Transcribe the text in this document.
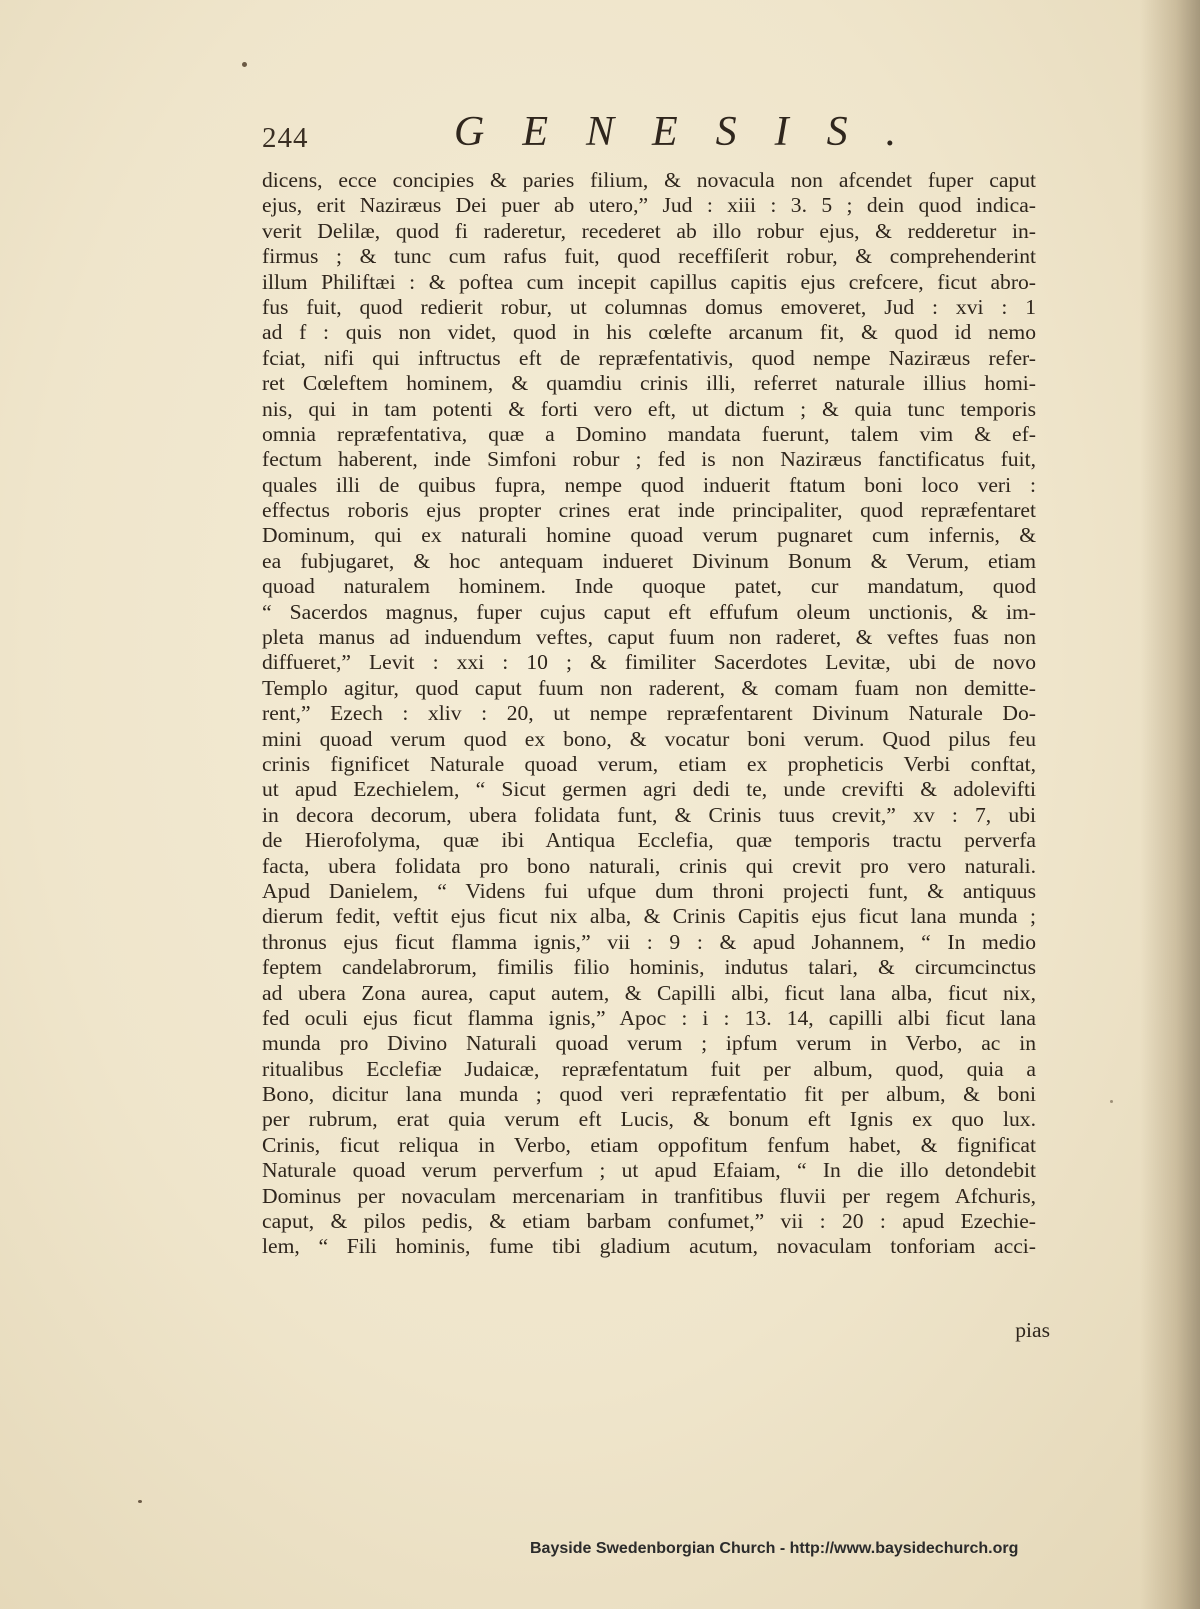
244	GENESIS.
dicens, ecce concipies & paries filium, & novacula non afcendet fuper caput
ejus, erit Naziræus Dei puer ab utero,” Jud : xiii : 3. 5 ; dein quod indica-
verit Delilæ, quod fi raderetur, recederet ab illo robur ejus, & redderetur in-
firmus ; & tunc cum rafus fuit, quod receffiſerit robur, & comprehenderint
illum Philiftæi : & poftea cum incepit capillus capitis ejus crefcere, ficut abro-
fus fuit, quod redierit robur, ut columnas domus emoveret, Jud : xvi : 1
ad f : quis non videt, quod in his cœlefte arcanum fit, & quod id nemo
fciat, nifi qui inftructus eft de repræfentativis, quod nempe Naziræus refer-
ret Cœleftem hominem, & quamdiu crinis illi, referret naturale illius homi-
nis, qui in tam potenti & forti vero eft, ut dictum ; & quia tunc temporis
omnia repræfentativa, quæ a Domino mandata fuerunt, talem vim & ef-
fectum haberent, inde Simfoni robur ; fed is non Naziræus fanctificatus fuit,
quales illi de quibus fupra, nempe quod induerit ftatum boni loco veri :
effectus roboris ejus propter crines erat inde principaliter, quod repræfentaret
Dominum, qui ex naturali homine quoad verum pugnaret cum infernis, &
ea fubjugaret, & hoc antequam indueret Divinum Bonum & Verum, etiam
quoad naturalem hominem. Inde quoque patet, cur mandatum, quod
“ Sacerdos magnus, fuper cujus caput eft effufum oleum unctionis, & im-
pleta manus ad induendum veftes, caput fuum non raderet, & veftes fuas non
diffueret,” Levit : xxi : 10 ; & fimiliter Sacerdotes Levitæ, ubi de novo
Templo agitur, quod caput fuum non raderent, & comam fuam non demitte-
rent,” Ezech : xliv : 20, ut nempe repræfentarent Divinum Naturale Do-
mini quoad verum quod ex bono, & vocatur boni verum. Quod pilus feu
crinis fignificet Naturale quoad verum, etiam ex propheticis Verbi conftat,
ut apud Ezechielem, “ Sicut germen agri dedi te, unde crevifti & adolevifti
in decora decorum, ubera folidata funt, & Crinis tuus crevit,” xv : 7, ubi
de Hierofolyma, quæ ibi Antiqua Ecclefia, quæ temporis tractu perverfa
facta, ubera folidata pro bono naturali, crinis qui crevit pro vero naturali.
Apud Danielem, “ Videns fui ufque dum throni projecti funt, & antiquus
dierum fedit, veftit ejus ficut nix alba, & Crinis Capitis ejus ficut lana munda ;
thronus ejus ficut flamma ignis,” vii : 9 : & apud Johannem, “ In medio
feptem candelabrorum, fimilis filio hominis, indutus talari, & circumcinctus
ad ubera Zona aurea, caput autem, & Capilli albi, ficut lana alba, ficut nix,
fed oculi ejus ficut flamma ignis,” Apoc : i : 13. 14, capilli albi ficut lana
munda pro Divino Naturali quoad verum ; ipfum verum in Verbo, ac in
ritualibus Ecclefiæ Judaicæ, repræfentatum fuit per album, quod, quia a
Bono, dicitur lana munda ; quod veri repræfentatio fit per album, & boni
per rubrum, erat quia verum eft Lucis, & bonum eft Ignis ex quo lux.
Crinis, ficut reliqua in Verbo, etiam oppofitum fenfum habet, & fignificat
Naturale quoad verum perverfum ; ut apud Efaiam, “ In die illo detondebit
Dominus per novaculam mercenariam in tranfitibus fluvii per regem Afchuris,
caput, & pilos pedis, & etiam barbam confumet,” vii : 20 : apud Ezechie-
lem, “ Fili hominis, fume tibi gladium acutum, novaculam tonforiam acci-
pias
Bayside Swedenborgian Church - http://www.baysidechurch.org
